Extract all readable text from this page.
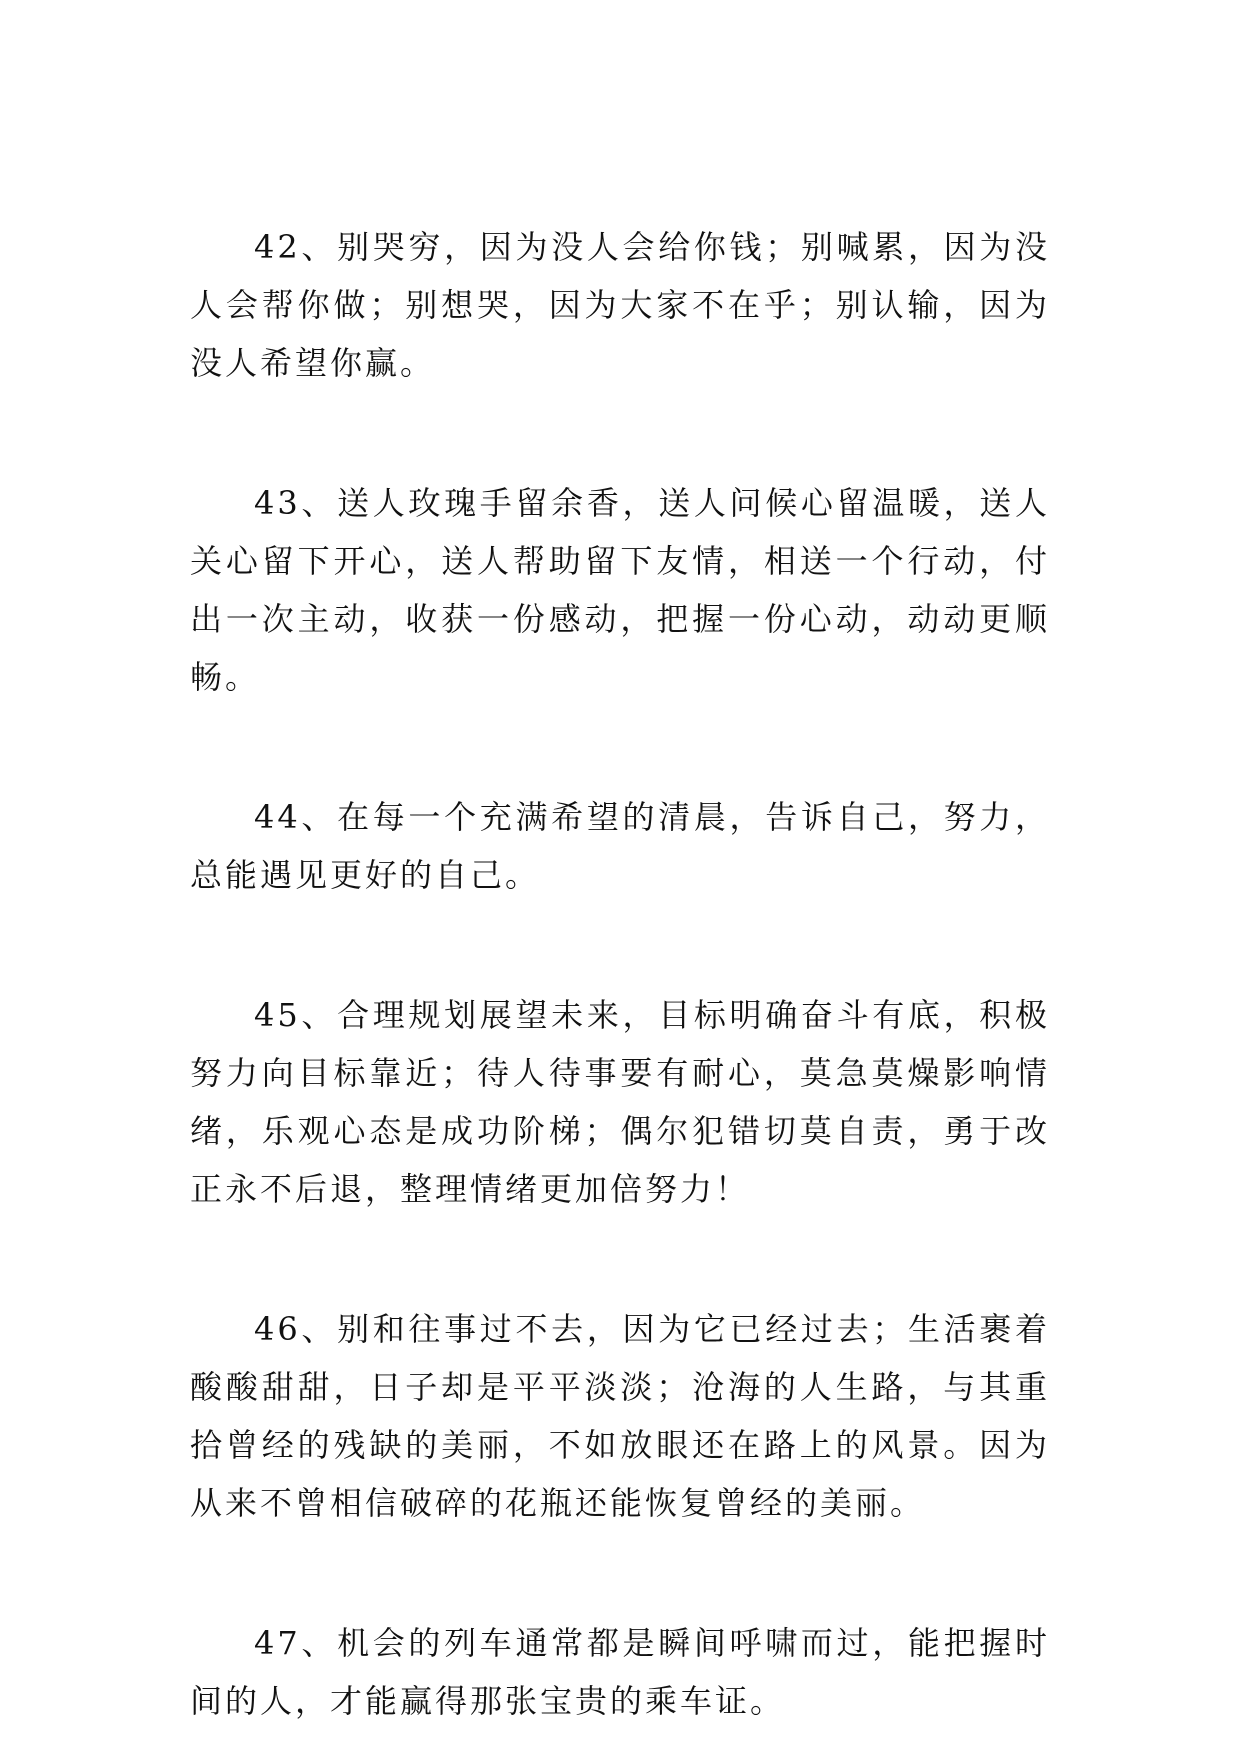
42、别哭穷，因为没人会给你钱；别喊累，因为没人会帮你做；别想哭，因为大家不在乎；别认输，因为没人希望你赢。

43、送人玫瑰手留余香，送人问候心留温暖，送人关心留下开心，送人帮助留下友情，相送一个行动，付出一次主动，收获一份感动，把握一份心动，动动更顺畅。

44、在每一个充满希望的清晨，告诉自己，努力，总能遇见更好的自己。

45、合理规划展望未来，目标明确奋斗有底，积极努力向目标靠近；待人待事要有耐心，莫急莫燥影响情绪，乐观心态是成功阶梯；偶尔犯错切莫自责，勇于改正永不后退，整理情绪更加倍努力！

46、别和往事过不去，因为它已经过去；生活裹着酸酸甜甜，日子却是平平淡淡；沧海的人生路，与其重拾曾经的残缺的美丽，不如放眼还在路上的风景。因为从来不曾相信破碎的花瓶还能恢复曾经的美丽。

47、机会的列车通常都是瞬间呼啸而过，能把握时间的人，才能赢得那张宝贵的乘车证。
